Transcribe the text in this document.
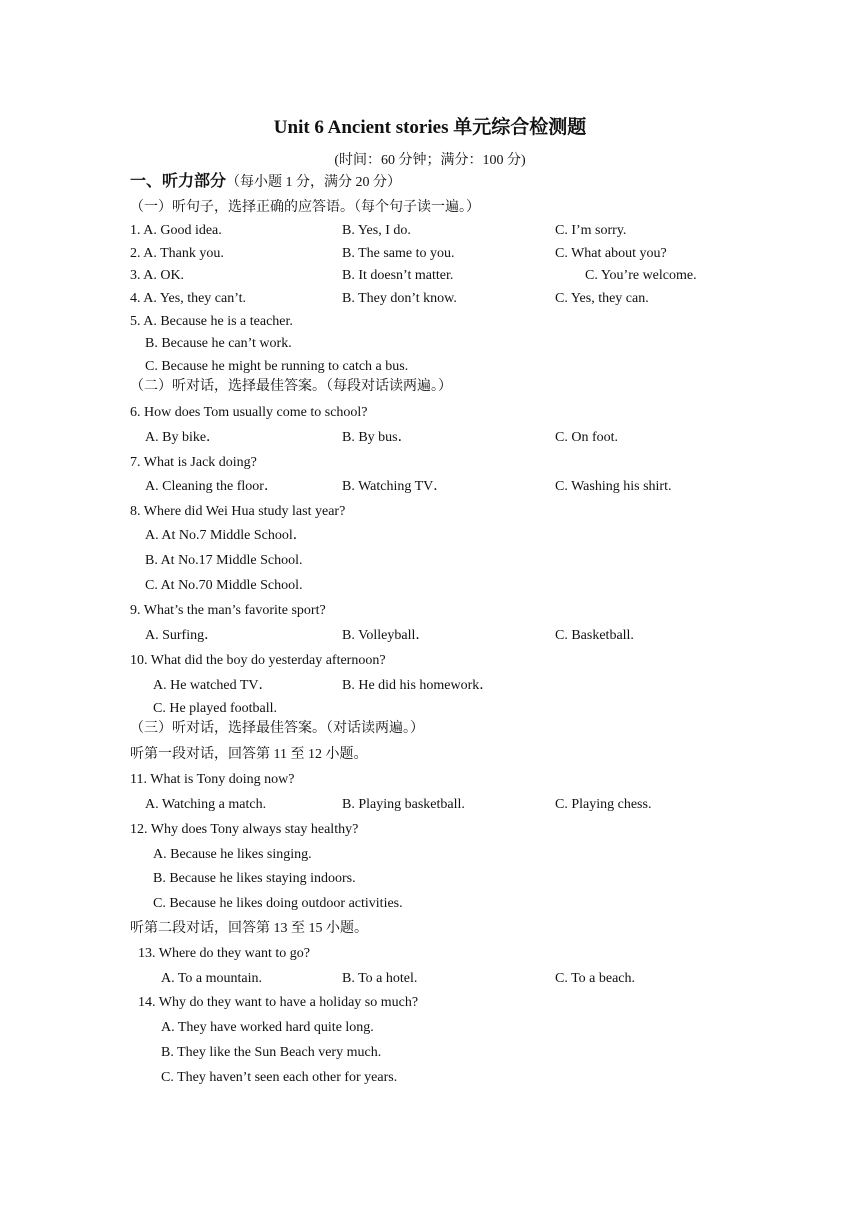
Unit 6 Ancient stories 单元综合检测题
(时间：60 分钟；满分：100 分)
一、听力部分（每小题 1 分，满分 20 分）
（一）听句子，选择正确的应答语。（每个句子读一遍。）
1. A. Good idea.	B. Yes, I do.	C. I’m sorry.
2. A. Thank you.	B. The same to you.	C. What about you?
3. A. OK.	B. It doesn’t matter.	C. You’re welcome.
4. A. Yes, they can’t.	B. They don’t know.	C. Yes, they can.
5. A. Because he is a teacher.
B. Because he can’t work.
C. Because he might be running to catch a bus.
（二）听对话，选择最佳答案。（每段对话读两遍。）
6. How does Tom usually come to school?
A. By bike．	B. By bus．	C. On foot.
7. What is Jack doing?
A. Cleaning the floor．	B. Watching TV．	C. Washing his shirt.
8. Where did Wei Hua study last year?
A. At No.7 Middle School．
B. At No.17 Middle School.
C. At No.70 Middle School.
9. What’s the man’s favorite sport?
A. Surfing．	B. Volleyball．	C. Basketball.
10. What did the boy do yesterday afternoon?
A. He watched TV．	B. He did his homework．
C. He played football.
（三）听对话，选择最佳答案。（对话读两遍。）
听第一段对话，回答第 11 至 12 小题。
11. What is Tony doing now?
A. Watching a match.	B. Playing basketball.	C. Playing chess.
12. Why does Tony always stay healthy?
A. Because he likes singing.
B. Because he likes staying indoors.
C. Because he likes doing outdoor activities.
听第二段对话，回答第 13 至 15 小题。
13. Where do they want to go?
A. To a mountain.	B. To a hotel.	C. To a beach.
14. Why do they want to have a holiday so much?
A. They have worked hard quite long.
B. They like the Sun Beach very much.
C. They haven’t seen each other for years.
